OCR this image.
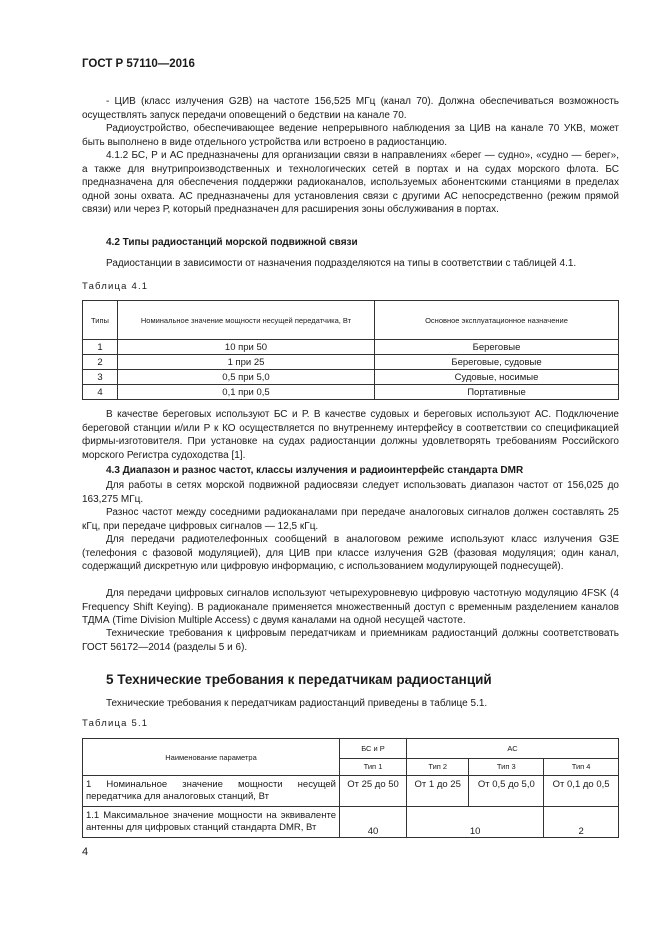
ГОСТ Р 57110—2016

- ЦИВ (класс излучения G2B) на частоте 156,525 МГц (канал 70). Должна обеспечиваться возможность осуществлять запуск передачи оповещений о бедствии на канале 70.

Радиоустройство, обеспечивающее ведение непрерывного наблюдения за ЦИВ на канале 70 УКВ, может быть выполнено в виде отдельного устройства или встроено в радиостанцию.

4.1.2 БС, Р и АС предназначены для организации связи в направлениях «берег — судно», «судно — берег», а также для внутрипроизводственных и технологических сетей в портах и на судах морского флота. БС предназначена для обеспечения поддержки радиоканалов, используемых абонентскими станциями в пределах одной зоны охвата. АС предназначены для установления связи с другими АС непосредственно (режим прямой связи) или через Р, который предназначен для расширения зоны обслуживания в портах.

4.2 Типы радиостанций морской подвижной связи

Радиостанции в зависимости от назначения подразделяются на типы в соответствии с таблицей 4.1.

Таблица 4.1
Типы	Номинальное значение мощности несущей передатчика, Вт	Основное эксплуатационное назначение
1	10 при 50	Береговые
2	1 при 25	Береговые, судовые
3	0,5 при 5,0	Судовые, носимые
4	0,1 при 0,5	Портативные

В качестве береговых используют БС и Р. В качестве судовых и береговых используют АС. Подключение береговой станции и/или Р к КО осуществляется по внутреннему интерфейсу в соответствии со спецификацией фирмы-изготовителя. При установке на судах радиостанции должны удовлетворять требованиям Российского морского Регистра судоходства [1].

4.3 Диапазон и разнос частот, классы излучения и радиоинтерфейс стандарта DMR

Для работы в сетях морской подвижной радиосвязи следует использовать диапазон частот от 156,025 до 163,275 МГц.

Разнос частот между соседними радиоканалами при передаче аналоговых сигналов должен составлять 25 кГц, при передаче цифровых сигналов — 12,5 кГц.

Для передачи радиотелефонных сообщений в аналоговом режиме используют класс излучения G3E (телефония с фазовой модуляцией), для ЦИВ при классе излучения G2B (фазовая модуляция; один канал, содержащий дискретную или цифровую информацию, с использованием модулирующей поднесущей).

Для передачи цифровых сигналов используют четырехуровневую цифровую частотную модуляцию 4FSK (4 Frequency Shift Keying). В радиоканале применяется множественный доступ с временным разделением каналов ТДМА (Time Division Multiple Access) с двумя каналами на одной несущей частоте.

Технические требования к цифровым передатчикам и приемникам радиостанций должны соответствовать ГОСТ 56172—2014 (разделы 5 и 6).

5 Технические требования к передатчикам радиостанций

Технические требования к передатчикам радиостанций приведены в таблице 5.1.

Таблица 5.1
Наименование параметра	БС и Р	АС		
	Тип 1	Тип 2	Тип 3	Тип 4
1 Номинальное значение мощности несущей передатчика для аналоговых станций, Вт	От 25 до 50	От 1 до 25	От 0,5 до 5,0	От 0,1 до 0,5
1.1 Максимальное значение мощности на эквиваленте антенны для цифровых станций стандарта DMR, Вт	40	10		2
4
